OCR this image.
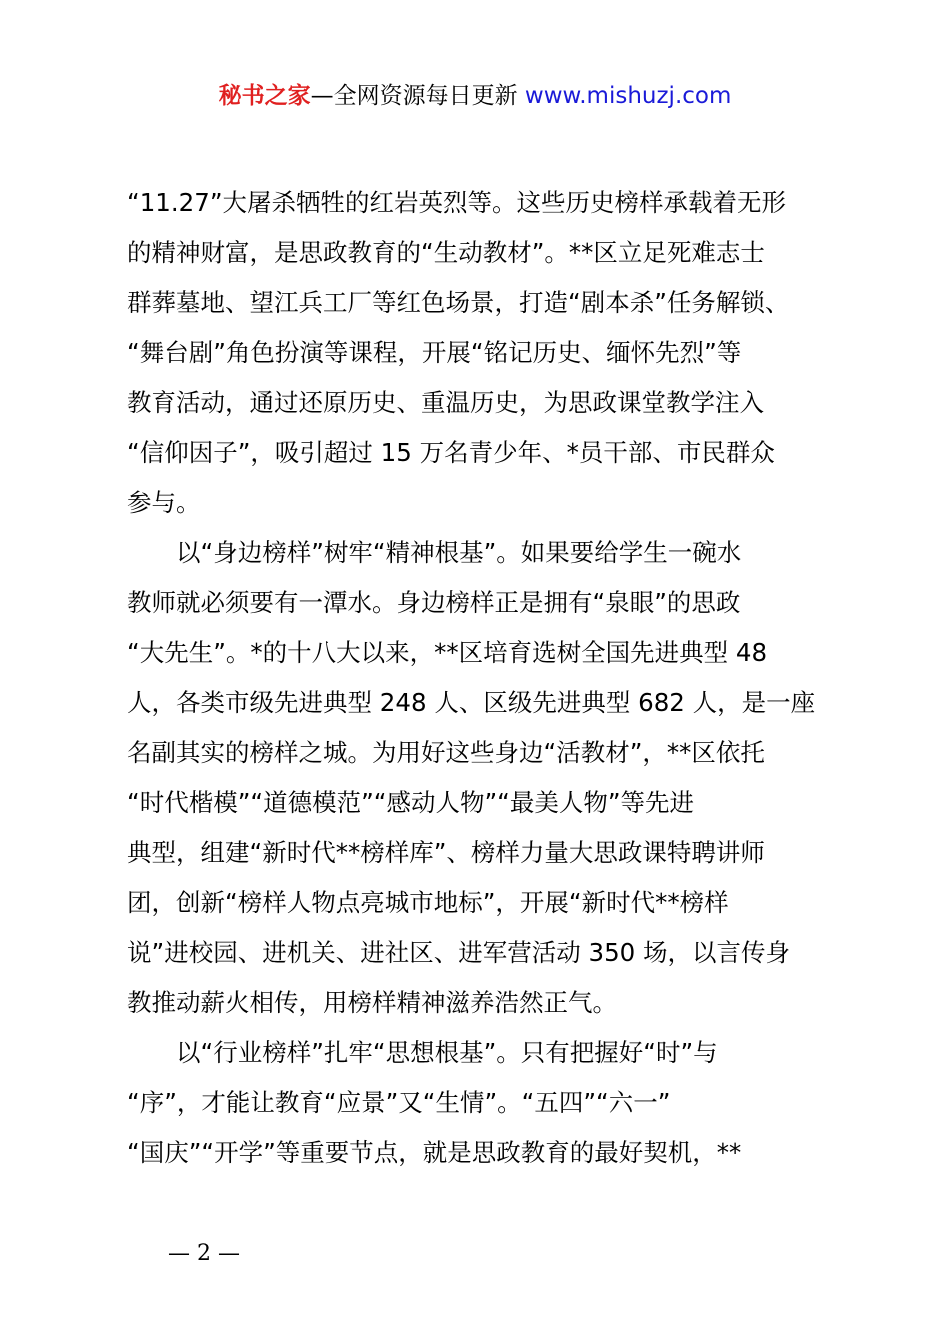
秘书之家—全网资源每日更新 www.mishuzj.com
“11.27”大屠杀牺牲的红岩英烈等。这些历史榜样承载着无形
的精神财富，是思政教育的“生动教材”。**区立足死难志士
群葬墓地、望江兵工厂等红色场景，打造“剧本杀”任务解锁、
“舞台剧”角色扮演等课程，开展“铭记历史、缅怀先烈”等
教育活动，通过还原历史、重温历史，为思政课堂教学注入
“信仰因子”，吸引超过 15 万名青少年、*员干部、市民群众
参与。
　　以“身边榜样”树牢“精神根基”。如果要给学生一碗水
教师就必须要有一潭水。身边榜样正是拥有“泉眼”的思政
“大先生”。*的十八大以来，**区培育选树全国先进典型 48
人，各类市级先进典型 248 人、区级先进典型 682 人，是一座
名副其实的榜样之城。为用好这些身边“活教材”，**区依托
“时代楷模”“道德模范”“感动人物”“最美人物”等先进
典型，组建“新时代**榜样库”、榜样力量大思政课特聘讲师
团，创新“榜样人物点亮城市地标”，开展“新时代**榜样
说”进校园、进机关、进社区、进军营活动 350 场，以言传身
教推动薪火相传，用榜样精神滋养浩然正气。
　　以“行业榜样”扎牢“思想根基”。只有把握好“时”与
“序”，才能让教育“应景”又“生情”。“五四”“六一”
“国庆”“开学”等重要节点，就是思政教育的最好契机，**
— 2 —
